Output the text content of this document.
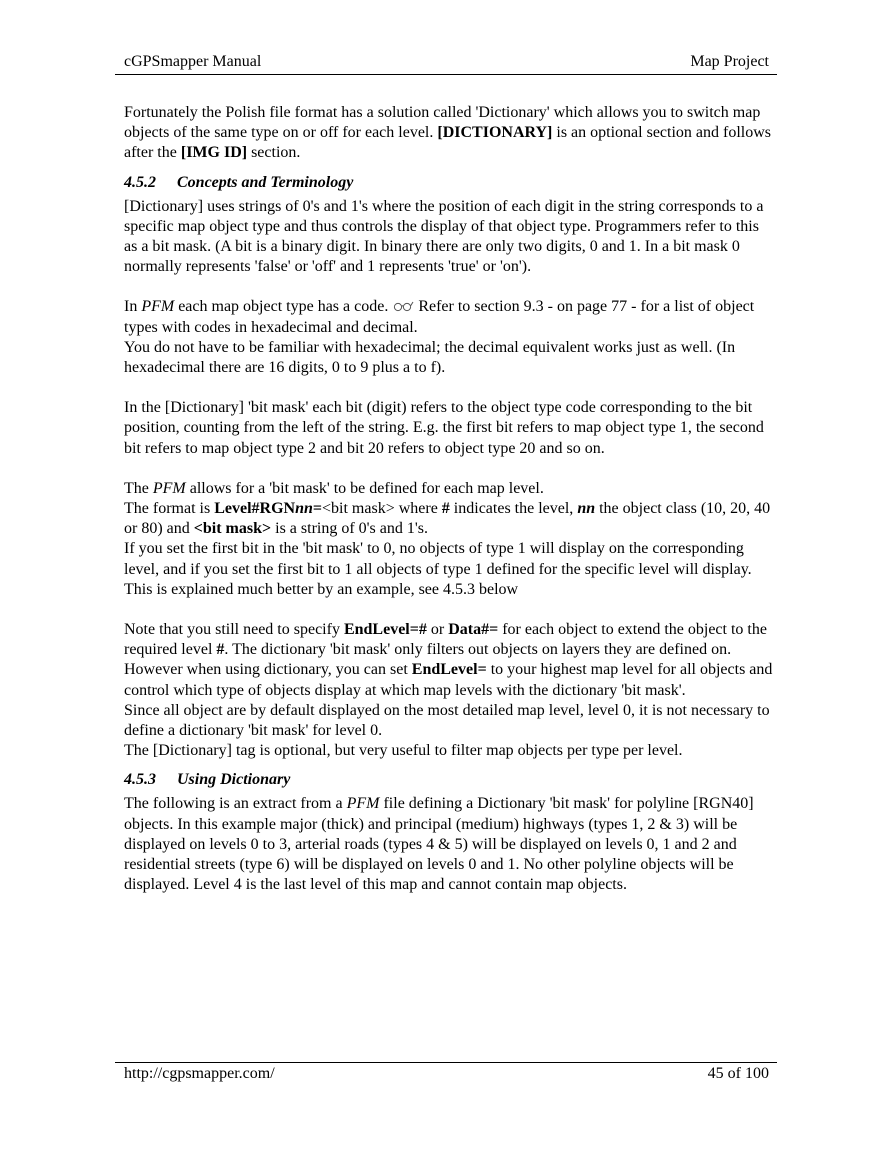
cGPSmapper Manual	Map Project

Fortunately the Polish file format has a solution called 'Dictionary' which allows you to switch map objects of the same type on or off for each level. [DICTIONARY] is an optional section and follows after the [IMG ID] section.

4.5.2 Concepts and Terminology

[Dictionary] uses strings of 0's and 1's where the position of each digit in the string corresponds to a specific map object type and thus controls the display of that object type. Programmers refer to this as a bit mask. (A bit is a binary digit. In binary there are only two digits, 0 and 1. In a bit mask 0 normally represents 'false' or 'off' and 1 represents 'true' or 'on').

In PFM each map object type has a code.  Refer to section 9.3 - on page 77 - for a list of object types with codes in hexadecimal and decimal.
You do not have to be familiar with hexadecimal; the decimal equivalent works just as well. (In hexadecimal there are 16 digits, 0 to 9 plus a to f).

In the [Dictionary] 'bit mask' each bit (digit) refers to the object type code corresponding to the bit position, counting from the left of the string. E.g. the first bit refers to map object type 1, the second bit refers to map object type 2 and bit 20 refers to object type 20 and so on.

The PFM allows for a 'bit mask' to be defined for each map level.
The format is Level#RGNnn=<bit mask> where # indicates the level, nn the object class (10, 20, 40 or 80) and <bit mask> is a string of 0's and 1's.
If you set the first bit in the 'bit mask' to 0, no objects of type 1 will display on the corresponding level, and if you set the first bit to 1 all objects of type 1 defined for the specific level will display. This is explained much better by an example, see 4.5.3 below

Note that you still need to specify EndLevel=# or Data#= for each object to extend the object to the required level #. The dictionary 'bit mask' only filters out objects on layers they are defined on. However when using dictionary, you can set EndLevel= to your highest map level for all objects and control which type of objects display at which map levels with the dictionary 'bit mask'.
Since all object are by default displayed on the most detailed map level, level 0, it is not necessary to define a dictionary 'bit mask' for level 0.
The [Dictionary] tag is optional, but very useful to filter map objects per type per level.

4.5.3 Using Dictionary

The following is an extract from a PFM file defining a Dictionary 'bit mask' for polyline [RGN40] objects. In this example major (thick) and principal (medium) highways (types 1, 2 & 3) will be displayed on levels 0 to 3, arterial roads (types 4 & 5) will be displayed on levels 0, 1 and 2 and residential streets (type 6) will be displayed on levels 0 and 1. No other polyline objects will be displayed. Level 4 is the last level of this map and cannot contain map objects.

http://cgpsmapper.com/	45 of 100
